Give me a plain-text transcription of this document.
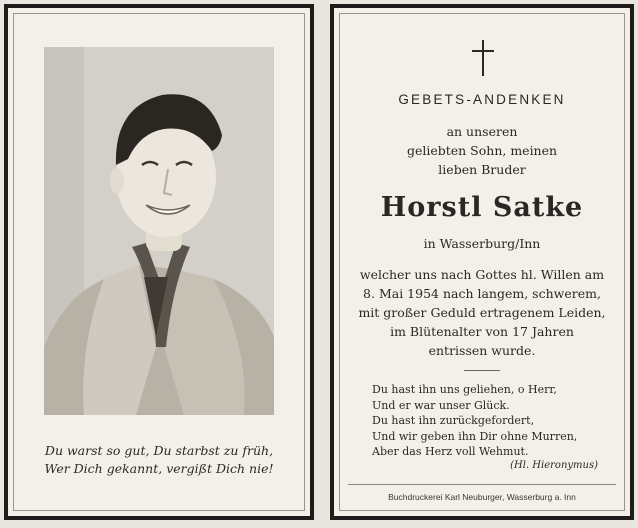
Du warst so gut, Du starbst zu früh,
Wer Dich gekannt, vergißt Dich nie!
GEBETS-ANDENKEN
an unseren
geliebten Sohn, meinen
lieben Bruder
Horstl Satke
in Wasserburg/Inn
welcher uns nach Gottes hl. Willen am
8. Mai 1954 nach langem, schwerem,
mit großer Geduld ertragenem Leiden,
im Blütenalter von 17 Jahren
entrissen wurde.
Du hast ihn uns geliehen, o Herr,
Und er war unser Glück.
Du hast ihn zurückgefordert,
Und wir geben ihn Dir ohne Murren,
Aber das Herz voll Wehmut.
(Hl. Hieronymus)
Buchdruckerei Karl Neuburger, Wasserburg a. Inn
